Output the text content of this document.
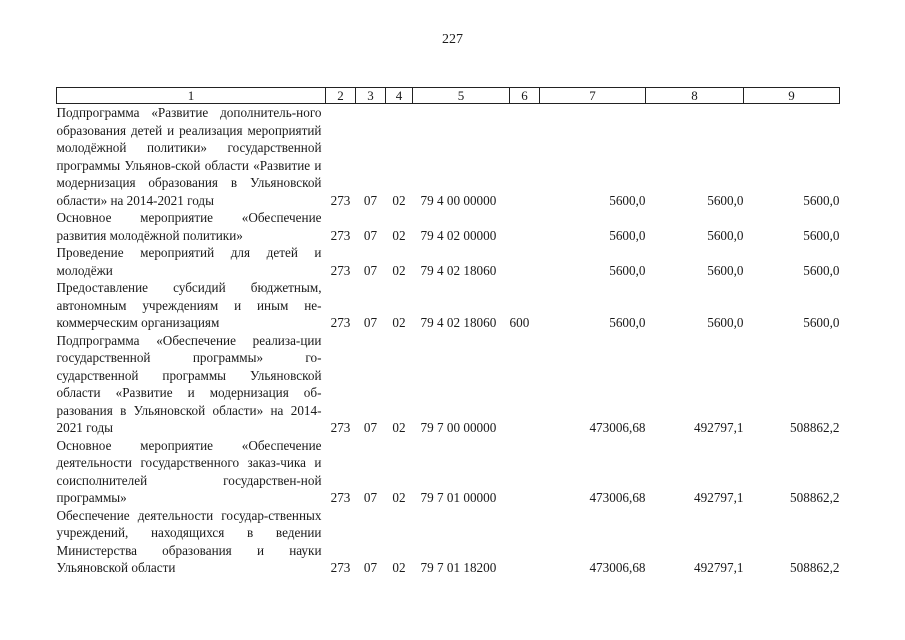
227
1	2	3	4	5	6	7	8	9
Подпрограмма «Развитие дополнитель-ного образования детей и реализация мероприятий молодёжной политики» государственной программы Ульянов-ской области «Развитие и модернизация образования в Ульяновской области» на 2014-2021 годы	273	07	02	79 4 00 00000		5600,0	5600,0	5600,0
Основное мероприятие «Обеспечение развития молодёжной политики»	273	07	02	79 4 02 00000		5600,0	5600,0	5600,0
Проведение мероприятий для детей и молодёжи	273	07	02	79 4 02 18060		5600,0	5600,0	5600,0
Предоставление субсидий бюджетным, автономным учреждениям и иным не-коммерческим организациям	273	07	02	79 4 02 18060	600	5600,0	5600,0	5600,0
Подпрограмма «Обеспечение реализа-ции государственной программы» го-сударственной программы Ульяновской области «Развитие и модернизация об-разования в Ульяновской области» на 2014-2021 годы	273	07	02	79 7 00 00000		473006,68	492797,1	508862,2
Основное мероприятие «Обеспечение деятельности государственного заказ-чика и соисполнителей государствен-ной программы»	273	07	02	79 7 01 00000		473006,68	492797,1	508862,2
Обеспечение деятельности государ-ственных учреждений, находящихся в ведении Министерства образования и науки Ульяновской области	273	07	02	79 7 01 18200		473006,68	492797,1	508862,2
